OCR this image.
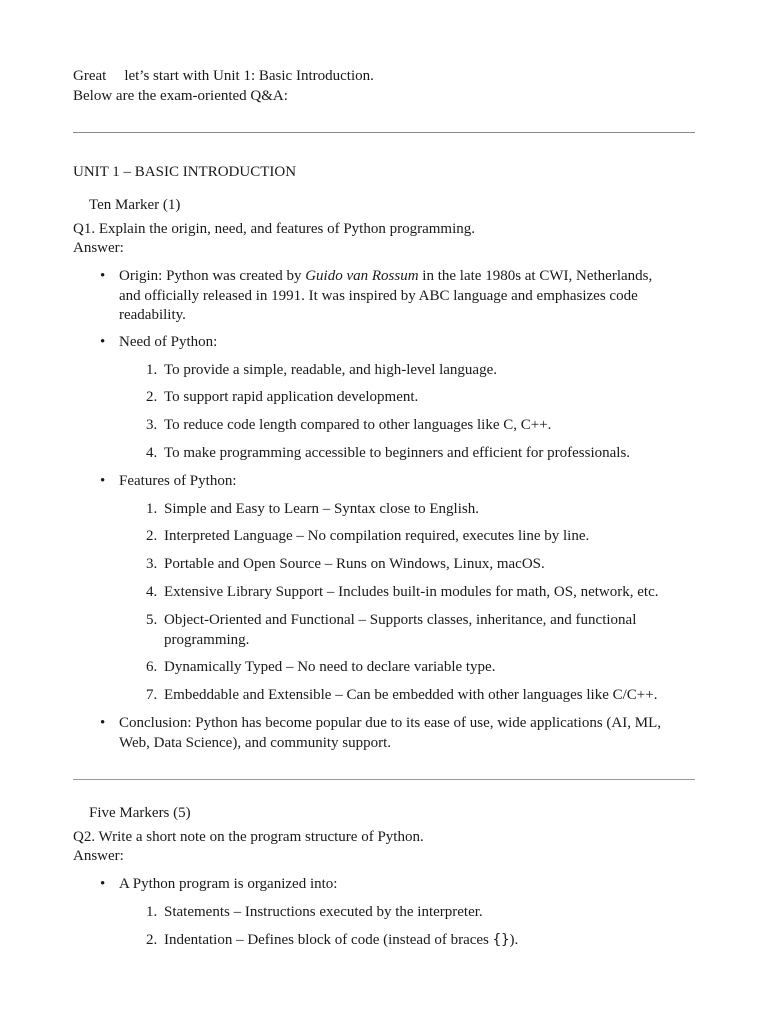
Great let’s start with Unit 1: Basic Introduction.
Below are the exam-oriented Q&A:
UNIT 1 – BASIC INTRODUCTION
Ten Marker (1)
Q1. Explain the origin, need, and features of Python programming.
Answer:
• Origin: Python was created by Guido van Rossum in the late 1980s at CWI, Netherlands,
and officially released in 1991. It was inspired by ABC language and emphasizes code
readability.
• Need of Python:
1. To provide a simple, readable, and high-level language.
2. To support rapid application development.
3. To reduce code length compared to other languages like C, C++.
4. To make programming accessible to beginners and efficient for professionals.
• Features of Python:
1. Simple and Easy to Learn – Syntax close to English.
2. Interpreted Language – No compilation required, executes line by line.
3. Portable and Open Source – Runs on Windows, Linux, macOS.
4. Extensive Library Support – Includes built-in modules for math, OS, network, etc.
5. Object-Oriented and Functional – Supports classes, inheritance, and functional
programming.
6. Dynamically Typed – No need to declare variable type.
7. Embeddable and Extensible – Can be embedded with other languages like C/C++.
• Conclusion: Python has become popular due to its ease of use, wide applications (AI, ML,
Web, Data Science), and community support.
Five Markers (5)
Q2. Write a short note on the program structure of Python.
Answer:
• A Python program is organized into:
1. Statements – Instructions executed by the interpreter.
2. Indentation – Defines block of code (instead of braces {}).
